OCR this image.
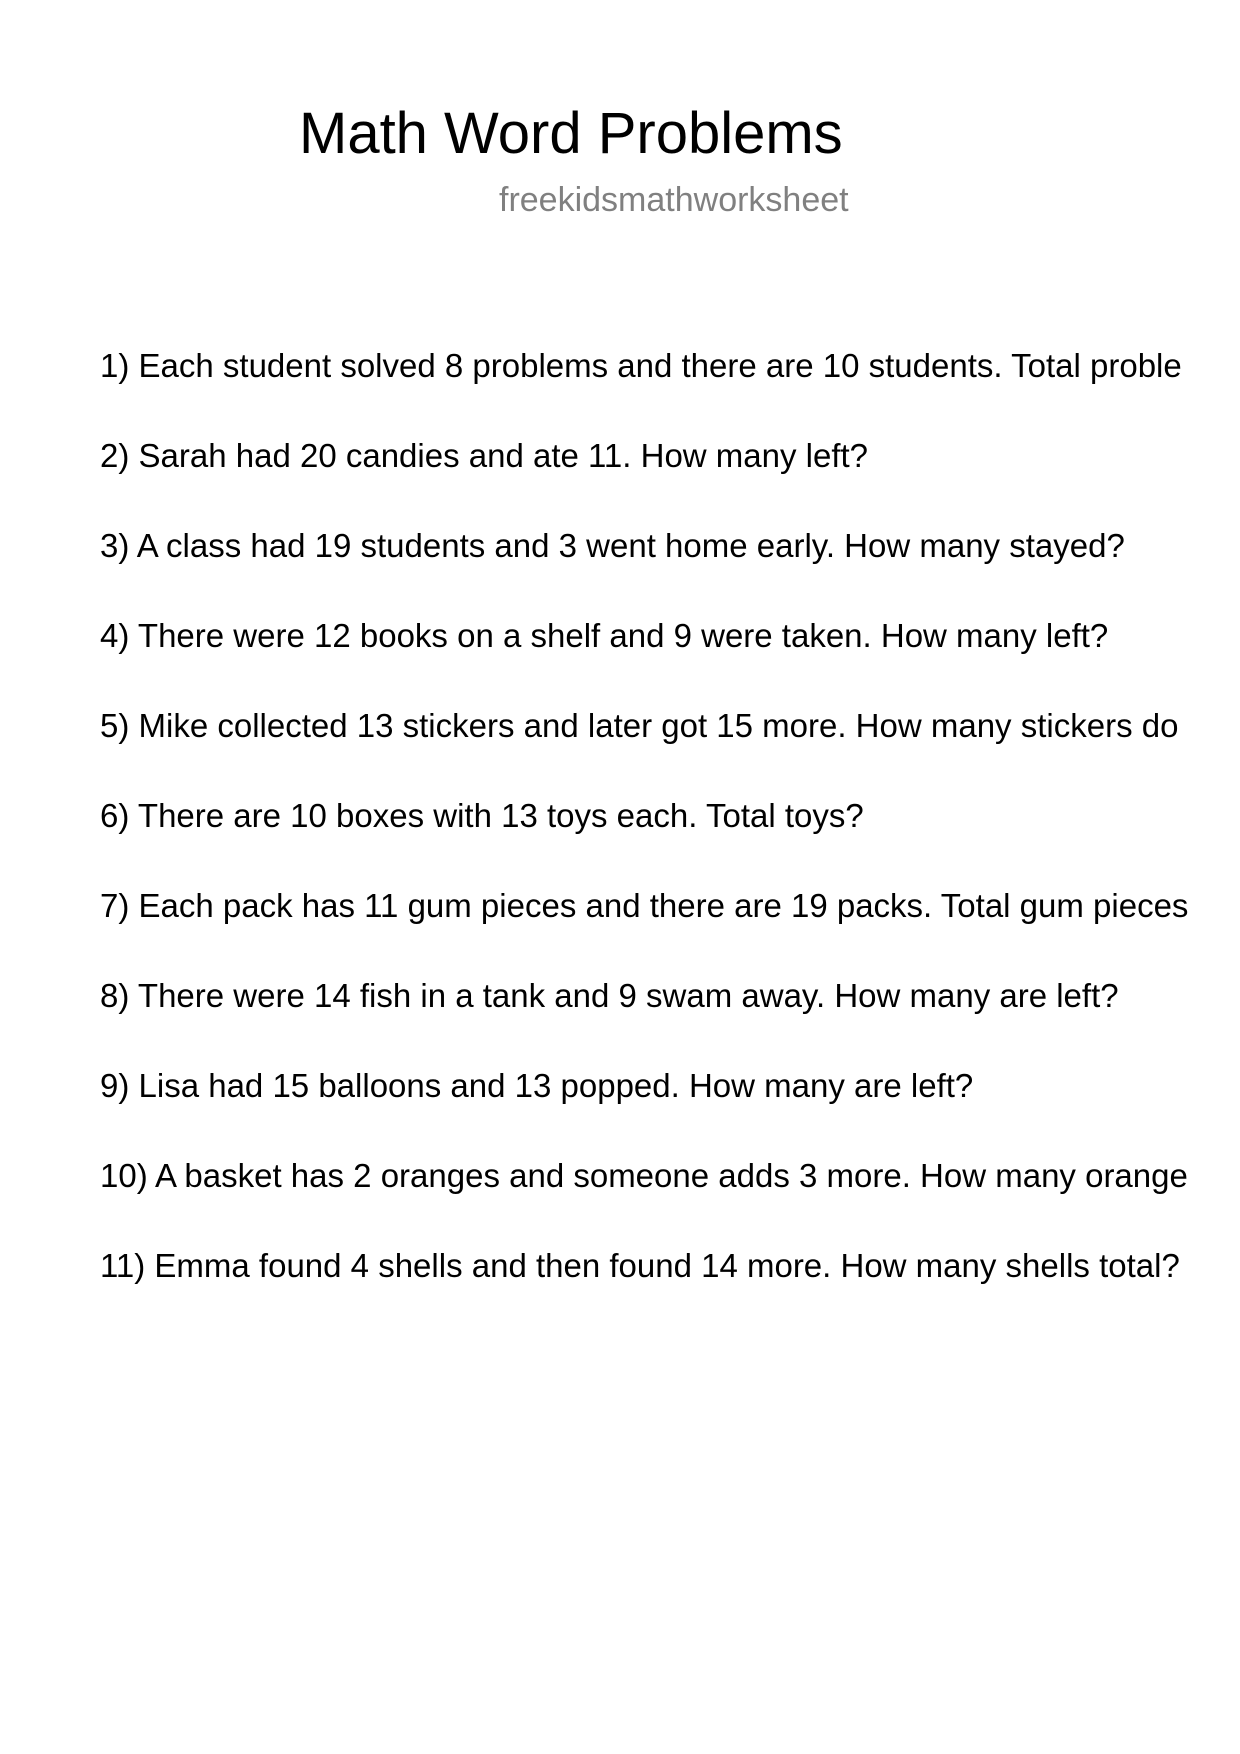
Math Word Problems
freekidsmathworksheet
1) Each student solved 8 problems and there are 10 students. Total proble
2) Sarah had 20 candies and ate 11. How many left?
3) A class had 19 students and 3 went home early. How many stayed?
4) There were 12 books on a shelf and 9 were taken. How many left?
5) Mike collected 13 stickers and later got 15 more. How many stickers do
6) There are 10 boxes with 13 toys each. Total toys?
7) Each pack has 11 gum pieces and there are 19 packs. Total gum pieces
8) There were 14 fish in a tank and 9 swam away. How many are left?
9) Lisa had 15 balloons and 13 popped. How many are left?
10) A basket has 2 oranges and someone adds 3 more. How many orange
11) Emma found 4 shells and then found 14 more. How many shells total?
